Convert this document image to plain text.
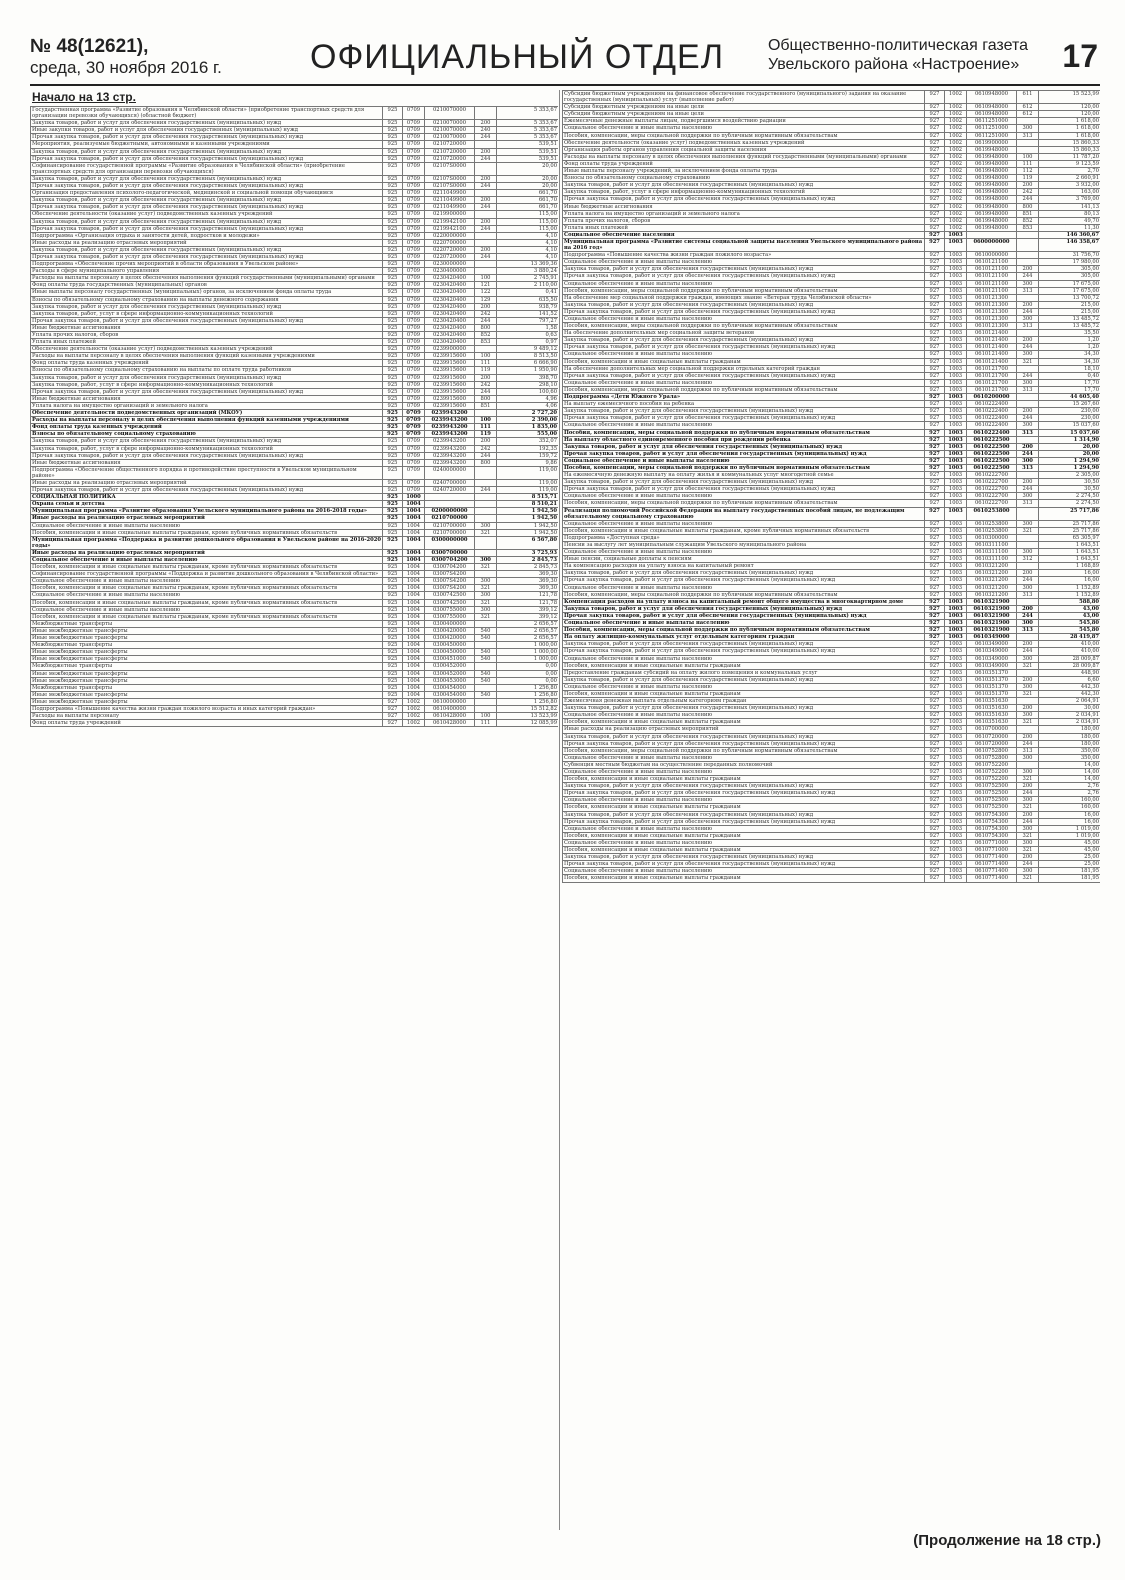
№ 48(12621),
среда, 30 ноября 2016 г.	ОФИЦИАЛЬНЫЙ ОТДЕЛ	Общественно-политическая газета
Увельского района «Настроение» 17
Начало на 13 стр.
Государственная программа «Развитие образования в Челябинской области» (приобретение транспортных средств для организации перевозки обучающихся) (областной бюджет)	925	0709	0210070000		5 353,67
Закупка товаров, работ и услуг для обеспечения государственных (муниципальных) нужд	925	0709	0210070000	200	5 353,67
Иные закупки товаров, работ и услуг для обеспечения государственных (муниципальных) нужд	925	0709	0210070000	240	5 353,67
Прочая закупка товаров, работ и услуг для обеспечения государственных (муниципальных) нужд	925	0709	0210070000	244	5 353,67
Мероприятия, реализуемые бюджетными, автономными и казенными учреждениями	925	0709	0210720000		539,51
Закупка товаров, работ и услуг для обеспечения государственных (муниципальных) нужд	925	0709	0210720000	200	539,51
Прочая закупка товаров, работ и услуг для обеспечения государственных (муниципальных) нужд	925	0709	0210720000	244	539,51
Софинансирование государственной программы «Развитие образования в Челябинской области» (приобретение транспортных средств для организации перевозки обучающихся)	925	0709	02107S0000		20,00
Закупка товаров, работ и услуг для обеспечения государственных (муниципальных) нужд	925	0709	02107S0000	200	20,00
Прочая закупка товаров, работ и услуг для обеспечения государственных (муниципальных) нужд	925	0709	02107S0000	244	20,00
Организация предоставления психолого-педагогической, медицинской и социальной помощи обучающимся	925	0709	0211049900		661,70
Закупка товаров, работ и услуг для обеспечения государственных (муниципальных) нужд	925	0709	0211049900	200	661,70
Прочая закупка товаров, работ и услуг для обеспечения государственных (муниципальных) нужд	925	0709	0211049900	244	661,70
Обеспечение деятельности (оказание услуг) подведомственных казенных учреждений	925	0709	0219900000		115,00
Закупка товаров, работ и услуг для обеспечения государственных (муниципальных) нужд	925	0709	0219942100	200	115,00
Прочая закупка товаров, работ и услуг для обеспечения государственных (муниципальных) нужд	925	0709	0219942100	244	115,00
Подпрограмма «Организация отдыха и занятости детей, подростков и молодежи»	925	0709	0220000000		4,10
Иные расходы на реализацию отраслевых мероприятий	925	0709	0220700000		4,10
Закупка товаров, работ и услуг для обеспечения государственных (муниципальных) нужд	925	0709	0220720000	200	4,10
Прочая закупка товаров, работ и услуг для обеспечения государственных (муниципальных) нужд	925	0709	0220720000	244	4,10
Подпрограмма «Обеспечение прочих мероприятий в области образования в Увельском районе»	925	0709	0230000000		13 369,36
Расходы в сфере муниципального управления	925	0709	0230400000		3 880,24
Расходы на выплаты персоналу в целях обеспечения выполнения функций государственными (муниципальными) органами	925	0709	0230420400	100	2 745,91
Фонд оплаты труда государственных (муниципальных) органов	925	0709	0230420400	121	2 110,00
Иные выплаты персоналу государственных (муниципальных) органов, за исключением фонда оплаты труда	925	0709	0230420400	122	0,41
Взносы по обязательному социальному страхованию на выплаты денежного содержания	925	0709	0230420400	129	635,50
Закупка товаров, работ и услуг для обеспечения государственных (муниципальных) нужд	925	0709	0230420400	200	938,79
Закупка товаров, работ, услуг в сфере информационно-коммуникационных технологий	925	0709	0230420400	242	141,52
Прочая закупка товаров, работ и услуг для обеспечения государственных (муниципальных) нужд	925	0709	0230420400	244	797,27
Иные бюджетные ассигнования	925	0709	0230420400	800	1,58
Уплата прочих налогов, сборов	925	0709	0230420400	852	0,63
Уплата иных платежей	925	0709	0230420400	853	0,97
Обеспечение деятельности (оказание услуг) подведомственных казенных учреждений	925	0709	0239900000		9 489,12
Расходы на выплаты персоналу в целях обеспечения выполнения функций казенными учреждениями	925	0709	0239915600	100	8 513,50
Фонд оплаты труда казенных учреждений	925	0709	0239915600	111	6 666,90
Взносы по обязательному социальному страхованию на выплаты по оплате труда работников	925	0709	0239915600	119	1 950,90
Закупка товаров, работ и услуг для обеспечения государственных (муниципальных) нужд	925	0709	0239915600	200	398,70
Закупка товаров, работ, услуг в сфере информационно-коммуникационных технологий	925	0709	0239915600	242	298,10
Прочая закупка товаров, работ и услуг для обеспечения государственных (муниципальных) нужд	925	0709	0239915600	244	100,60
Иные бюджетные ассигнования	925	0709	0239915600	800	4,96
Уплата налога на имущество организаций и земельного налога	925	0709	0239915600	851	4,06
Обеспечение деятельности подведомственных организаций (МКОУ)	925	0709	0239943200		2 727,20
Расходы на выплаты персоналу в целях обеспечения выполнения функций казенными учреждениями	925	0709	0239943200	100	2 390,00
Фонд оплаты труда казенных учреждений	925	0709	0239943200	111	1 835,00
Взносы по обязательному социальному страхованию	925	0709	0239943200	119	555,00
Закупка товаров, работ и услуг для обеспечения государственных (муниципальных) нужд	925	0709	0239943200	200	352,07
Закупка товаров, работ, услуг в сфере информационно-коммуникационных технологий	925	0709	0239943200	242	192,35
Прочая закупка товаров, работ и услуг для обеспечения государственных (муниципальных) нужд	925	0709	0239943200	244	159,72
Иные бюджетные ассигнования	925	0709	0239943200	800	9,86
Подпрограмма «Обеспечение общественного порядка и противодействие преступности в Увельском муниципальном районе»	925	0709	0240000000		119,00
Иные расходы на реализацию отраслевых мероприятий	925	0709	0240700000		119,00
Прочая закупка товаров, работ и услуг для обеспечения государственных (муниципальных) нужд	925	0709	0240720000	244	119,00
СОЦИАЛЬНАЯ ПОЛИТИКА	925	1000			8 515,71
Охрана семьи и детства	925	1004			8 510,21
Муниципальная программа «Развитие образования Увельского муниципального района на 2016-2018 годы»	925	1004	0200000000		1 942,50
Иные расходы на реализацию отраслевых мероприятий	925	1004	0210700000		1 942,50
Социальное обеспечение и иные выплаты населению	925	1004	0210700000	300	1 942,50
Пособия, компенсации и иные социальные выплаты гражданам, кроме публичных нормативных обязательств	925	1004	0210700000	321	1 942,50
Муниципальная программа «Поддержка и развитие дошкольного образования в Увельском районе на 2016-2020 годы»	925	1004	0300000000		6 567,80
Иные расходы на реализацию отраслевых мероприятий	925	1004	0300700000		3 725,93
Социальное обеспечение и иные выплаты населению	925	1004	0300704200	300	2 845,73
Пособия, компенсации и иные социальные выплаты гражданам, кроме публичных нормативных обязательств	925	1004	0300704200	321	2 845,73
Софинансирование государственной программы «Поддержка и развитие дошкольного образования в Челябинской области»	925	1004	03007S4200		369,30
Социальное обеспечение и иные выплаты населению	925	1004	03007S4200	300	369,30
Пособия, компенсации и иные социальные выплаты гражданам, кроме публичных нормативных обязательств	925	1004	03007S4200	321	369,30
Социальное обеспечение и иные выплаты населению	925	1004	0300742500	300	121,78
Пособия, компенсации и иные социальные выплаты гражданам, кроме публичных нормативных обязательств	925	1004	0300742500	321	121,78
Социальное обеспечение и иные выплаты населению	925	1004	0300755000	300	399,12
Пособия, компенсации и иные социальные выплаты гражданам, кроме публичных нормативных обязательств	925	1004	0300755000	321	399,12
Межбюджетные трансферты	925	1004	0300400000		2 656,57
Иные межбюджетные трансферты	925	1004	0300420000	540	2 656,57
Иные межбюджетные трансферты	925	1004	0300420000	540	2 656,57
Межбюджетные трансферты	925	1004	0300450000		1 000,00
Иные межбюджетные трансферты	925	1004	0300450000	540	1 000,00
Иные межбюджетные трансферты	925	1004	0300451000	540	1 000,00
Межбюджетные трансферты	925	1004	0300452000		0,00
Иные межбюджетные трансферты	925	1004	0300452000	540	0,00
Иные межбюджетные трансферты	925	1004	0300453000	540	0,00
Межбюджетные трансферты	925	1004	0300454000		1 256,80
Иные межбюджетные трансферты	925	1004	0300454000	540	1 256,80
Иные межбюджетные трансферты	927	1002	0610000000		1 256,80
Подпрограмма «Повышение качества жизни граждан пожилого возраста и иных категорий граждан»	927	1002	0610400000		15 512,82
Расходы на выплаты персоналу	927	1002	0610428000	100	13 523,99
Фонд оплаты труда учреждений	927	1002	0610428000	111	12 085,99
Субсидии бюджетным учреждениям на финансовое обеспечение государственного (муниципального) задания на оказание государственных (муниципальных) услуг (выполнение работ)	927	1002	0610948000	611	15 523,99
Субсидии бюджетным учреждениям на иные цели	927	1002	0610948000	612	120,00
Субсидии бюджетным учреждениям на иные цели	927	1002	0610948000	612	120,00
Ежемесячные денежные выплаты лицам, подвергшимся воздействию радиации	927	1002	0611251000		1 618,00
Социальное обеспечение и иные выплаты населению	927	1002	0611251000	300	1 618,00
Пособия, компенсации, меры социальной поддержки по публичным нормативным обязательствам	927	1002	0611251000	313	1 618,00
Обеспечение деятельности (оказание услуг) подведомственных казенных учреждений	927	1002	0619900000		15 860,33
Организация работы органов управления социальной защиты населения	927	1002	0619948000		15 860,33
Расходы на выплаты персоналу в целях обеспечения выполнения функций государственными (муниципальными) органами	927	1002	0619948000	100	11 787,20
Фонд оплаты труда учреждений	927	1002	0619948000	111	9 123,59
Иные выплаты персоналу учреждений, за исключением фонда оплаты труда	927	1002	0619948000	112	2,70
Взносы по обязательному социальному страхованию	927	1002	0619948000	119	2 660,91
Закупка товаров, работ и услуг для обеспечения государственных (муниципальных) нужд	927	1002	0619948000	200	3 932,00
Закупка товаров, работ, услуг в сфере информационно-коммуникационных технологий	927	1002	0619948000	242	163,00
Прочая закупка товаров, работ и услуг для обеспечения государственных (муниципальных) нужд	927	1002	0619948000	244	3 769,00
Иные бюджетные ассигнования	927	1002	0619948000	800	141,13
Уплата налога на имущество организаций и земельного налога	927	1002	0619948000	851	80,13
Уплата прочих налогов, сборов	927	1002	0619948000	852	49,70
Уплата иных платежей	927	1002	0619948000	853	11,30
Социальное обеспечение населения	927	1003			146 360,67
Муниципальная программа «Развитие системы социальной защиты населения Увельского муниципального района на 2016 год»	927	1003	0600000000		146 358,67
Подпрограмма «Повышение качества жизни граждан пожилого возраста»	927	1003	0610000000		31 756,70
Социальное обеспечение и иные выплаты населению	927	1003	0610121100		17 980,00
Закупка товаров, работ и услуг для обеспечения государственных (муниципальных) нужд	927	1003	0610121100	200	305,00
Прочая закупка товаров, работ и услуг для обеспечения государственных (муниципальных) нужд	927	1003	0610121100	244	305,00
Социальное обеспечение и иные выплаты населению	927	1003	0610121100	300	17 675,00
Пособия, компенсации, меры социальной поддержки по публичным нормативным обязательствам	927	1003	0610121100	313	17 675,00
На обеспечение мер социальной поддержки граждан, имеющих звание «Ветеран труда Челябинской области»	927	1003	0610121300		13 700,72
Закупка товаров, работ и услуг для обеспечения государственных (муниципальных) нужд	927	1003	0610121300	200	215,00
Прочая закупка товаров, работ и услуг для обеспечения государственных (муниципальных) нужд	927	1003	0610121300	244	215,00
Социальное обеспечение и иные выплаты населению	927	1003	0610121300	300	13 485,72
Пособия, компенсации, меры социальной поддержки по публичным нормативным обязательствам	927	1003	0610121300	313	13 485,72
На обеспечение дополнительных мер социальной защиты ветеранов	927	1003	0610121400		35,50
Закупка товаров, работ и услуг для обеспечения государственных (муниципальных) нужд	927	1003	0610121400	200	1,20
Прочая закупка товаров, работ и услуг для обеспечения государственных (муниципальных) нужд	927	1003	0610121400	244	1,20
Социальное обеспечение и иные выплаты населению	927	1003	0610121400	300	34,30
Пособия, компенсации и иные социальные выплаты гражданам	927	1003	0610121400	321	34,30
На обеспечение дополнительных мер социальной поддержки отдельных категорий граждан	927	1003	0610121700		18,10
Прочая закупка товаров, работ и услуг для обеспечения государственных (муниципальных) нужд	927	1003	0610121700	244	0,40
Социальное обеспечение и иные выплаты населению	927	1003	0610121700	300	17,70
Пособия, компенсации, меры социальной поддержки по публичным нормативным обязательствам	927	1003	0610121700	313	17,70
Подпрограмма «Дети Южного Урала»	927	1003	0610200000		44 605,40
На выплату ежемесячного пособия на ребенка	927	1003	0610222400		15 267,60
Закупка товаров, работ и услуг для обеспечения государственных (муниципальных) нужд	927	1003	0610222400	200	230,00
Прочая закупка товаров, работ и услуг для обеспечения государственных (муниципальных) нужд	927	1003	0610222400	244	230,00
Социальное обеспечение и иные выплаты населению	927	1003	0610222400	300	15 037,60
Пособия, компенсации, меры социальной поддержки по публичным нормативным обязательствам	927	1003	0610222400	313	15 037,60
На выплату областного единовременного пособия при рождении ребенка	927	1003	0610222500		1 314,90
Закупка товаров, работ и услуг для обеспечения государственных (муниципальных) нужд	927	1003	0610222500	200	20,00
Прочая закупка товаров, работ и услуг для обеспечения государственных (муниципальных) нужд	927	1003	0610222500	244	20,00
Социальное обеспечение и иные выплаты населению	927	1003	0610222500	300	1 294,90
Пособия, компенсации, меры социальной поддержки по публичным нормативным обязательствам	927	1003	0610222500	313	1 294,90
На ежемесячную денежную выплату на оплату жилья и коммунальных услуг многодетной семье	927	1003	0610222700		2 305,00
Закупка товаров, работ и услуг для обеспечения государственных (муниципальных) нужд	927	1003	0610222700	200	30,50
Прочая закупка товаров, работ и услуг для обеспечения государственных (муниципальных) нужд	927	1003	0610222700	244	30,50
Социальное обеспечение и иные выплаты населению	927	1003	0610222700	300	2 274,50
Пособия, компенсации, меры социальной поддержки по публичным нормативным обязательствам	927	1003	0610222700	313	2 274,50
Реализация полномочий Российской Федерации на выплату государственных пособий лицам, не подлежащим обязательному социальному страхованию	927	1003	0610253800		25 717,86
Социальное обеспечение и иные выплаты населению	927	1003	0610253800	300	25 717,86
Пособия, компенсации и иные социальные выплаты гражданам, кроме публичных нормативных обязательств	927	1003	0610253800	321	25 717,86
Подпрограмма «Доступная среда»	927	1003	0610300000		65 305,97
Пенсии за выслугу лет муниципальным служащим Увельского муниципального района	927	1003	0610311100		1 643,51
Социальное обеспечение и иные выплаты населению	927	1003	0610311100	300	1 643,51
Иные пенсии, социальные доплаты к пенсиям	927	1003	0610311100	312	1 643,51
На компенсацию расходов на уплату взноса на капитальный ремонт	927	1003	0610321200		1 168,89
Закупка товаров, работ и услуг для обеспечения государственных (муниципальных) нужд	927	1003	0610321200	200	16,00
Прочая закупка товаров, работ и услуг для обеспечения государственных (муниципальных) нужд	927	1003	0610321200	244	16,00
Социальное обеспечение и иные выплаты населению	927	1003	0610321200	300	1 152,89
Пособия, компенсации, меры социальной поддержки по публичным нормативным обязательствам	927	1003	0610321200	313	1 152,89
Компенсация расходов на уплату взноса на капитальный ремонт общего имущества в многоквартирном доме	927	1003	0610321900		588,80
Закупка товаров, работ и услуг для обеспечения государственных (муниципальных) нужд	927	1003	0610321900	200	43,00
Прочая закупка товаров, работ и услуг для обеспечения государственных (муниципальных) нужд	927	1003	0610321900	244	43,00
Социальное обеспечение и иные выплаты населению	927	1003	0610321900	300	545,80
Пособия, компенсации, меры социальной поддержки по публичным нормативным обязательствам	927	1003	0610321900	313	545,80
На оплату жилищно-коммунальных услуг отдельным категориям граждан	927	1003	0610349000		28 419,87
Закупка товаров, работ и услуг для обеспечения государственных (муниципальных) нужд	927	1003	0610349000	200	410,00
Прочая закупка товаров, работ и услуг для обеспечения государственных (муниципальных) нужд	927	1003	0610349000	244	410,00
Социальное обеспечение и иные выплаты населению	927	1003	0610349000	300	28 009,87
Пособия, компенсации и иные социальные выплаты гражданам	927	1003	0610349000	321	28 009,87
Предоставление гражданам субсидий на оплату жилого помещения и коммунальных услуг	927	1003	0610351370		448,90
Закупка товаров, работ и услуг для обеспечения государственных (муниципальных) нужд	927	1003	0610351370	200	6,60
Социальное обеспечение и иные выплаты населению	927	1003	0610351370	300	442,30
Пособия, компенсации и иные социальные выплаты гражданам	927	1003	0610351370	321	442,30
Ежемесячная денежная выплата отдельным категориям граждан	927	1003	0610351630		2 064,91
Закупка товаров, работ и услуг для обеспечения государственных (муниципальных) нужд	927	1003	0610351630	200	30,00
Социальное обеспечение и иные выплаты населению	927	1003	0610351630	300	2 034,91
Пособия, компенсации и иные социальные выплаты гражданам	927	1003	0610351630	321	2 034,91
Иные расходы на реализацию отраслевых мероприятий	927	1003	0610700000		180,00
Закупка товаров, работ и услуг для обеспечения государственных (муниципальных) нужд	927	1003	0610720000	200	180,00
Прочая закупка товаров, работ и услуг для обеспечения государственных (муниципальных) нужд	927	1003	0610720000	244	180,00
Пособия, компенсации, меры социальной поддержки по публичным нормативным обязательствам	927	1003	0610752800	313	350,00
Социальное обеспечение и иные выплаты населению	927	1003	0610752800	300	350,00
Субвенция местным бюджетам на осуществление переданных полномочий	927	1003	0610752200		14,00
Социальное обеспечение и иные выплаты населению	927	1003	0610752200	300	14,00
Пособия, компенсации и иные социальные выплаты гражданам	927	1003	0610752200	321	14,00
Закупка товаров, работ и услуг для обеспечения государственных (муниципальных) нужд	927	1003	0610752500	200	2,76
Прочая закупка товаров, работ и услуг для обеспечения государственных (муниципальных) нужд	927	1003	0610752500	244	2,76
Социальное обеспечение и иные выплаты населению	927	1003	0610752500	300	160,00
Пособия, компенсации и иные социальные выплаты гражданам	927	1003	0610752500	321	160,00
Закупка товаров, работ и услуг для обеспечения государственных (муниципальных) нужд	927	1003	0610754300	200	16,00
Прочая закупка товаров, работ и услуг для обеспечения государственных (муниципальных) нужд	927	1003	0610754300	244	16,00
Социальное обеспечение и иные выплаты населению	927	1003	0610754300	300	1 019,00
Пособия, компенсации и иные социальные выплаты гражданам	927	1003	0610754300	321	1 019,00
Социальное обеспечение и иные выплаты населению	927	1003	0610771000	300	45,00
Пособия, компенсации и иные социальные выплаты гражданам	927	1003	0610771000	321	45,00
Закупка товаров, работ и услуг для обеспечения государственных (муниципальных) нужд	927	1003	0610771400	200	25,00
Прочая закупка товаров, работ и услуг для обеспечения государственных (муниципальных) нужд	927	1003	0610771400	244	25,00
Социальное обеспечение и иные выплаты населению	927	1003	0610771400	300	181,95
Пособия, компенсации и иные социальные выплаты гражданам	927	1003	0610771400	321	181,95
(Продолжение на 18 стр.)
